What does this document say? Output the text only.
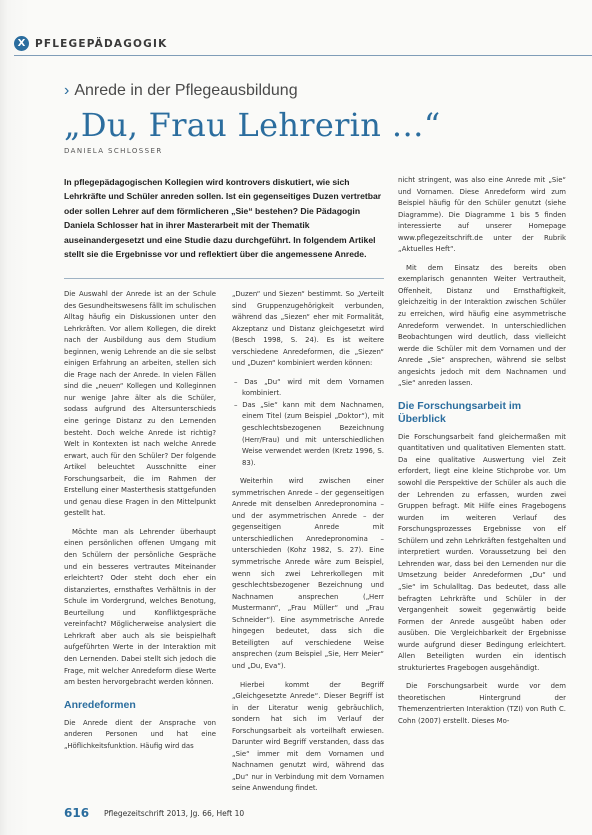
X PFLEGEPÄDAGOGIK
› Anrede in der Pflegeausbildung
„Du, Frau Lehrerin …“
DANIELA SCHLOSSER
In pflegepädagogischen Kollegien wird kontrovers diskutiert, wie sich Lehrkräfte und Schüler anreden sollen. Ist ein gegenseitiges Duzen vertretbar oder sollen Lehrer auf dem förmlicheren „Sie“ bestehen? Die Pädagogin Daniela Schlosser hat in ihrer Masterarbeit mit der Thematik auseinandergesetzt und eine Studie dazu durchgeführt. In folgendem Artikel stellt sie die Ergebnisse vor und reflektiert über die angemessene Anrede.

Die Auswahl der Anrede ist an der Schule des Gesundheitswesens fällt im schulischen Alltag häufig ein Diskussionen unter den Lehrkräften. Vor allem Kollegen, die direkt nach der Ausbildung aus dem Studium beginnen, wenig Lehrende an die sie selbst einigen Erfahrung an arbeiten, stellen sich die Frage nach der Anrede. In vielen Fällen sind die „neuen“ Kollegen und Kolleginnen nur wenige Jahre älter als die Schüler, sodass aufgrund des Altersunterschieds eine geringe Distanz zu den Lernenden besteht. Doch welche Anrede ist richtig? Welt in Kontexten ist nach welche Anrede erwart, auch für den Schüler? Der folgende Artikel beleuchtet Ausschnitte einer Forschungsarbeit, die im Rahmen der Erstellung einer Masterthesis stattgefunden und genau diese Fragen in den Mittelpunkt gestellt hat.

Möchte man als Lehrender überhaupt einen persönlichen offenen Umgang mit den Schülern der persönliche Gespräche und ein besseres vertrautes Miteinander erleichtert? Oder steht doch eher ein distanziertes, ernsthaftes Verhältnis in der Schule im Vordergrund, welches Benotung, Beurteilung und Konfliktgespräche vereinfacht? Möglicherweise analysiert die Lehrkraft aber auch als sie beispielhaft aufgeführten Werte in der Interaktion mit den Lernenden. Dabei stellt sich jedoch die Frage, mit welcher Anredeform diese Werte am besten hervorgebracht werden können.

Anredeformen

Die Anrede dient der Ansprache von anderen Personen und hat eine „Höflichkeitsfunktion. Häufig wird das

„Duzen“ und Siezen“ bestimmt. So „Verteilt sind Gruppenzugehörigkeit verbunden, während das „Siezen“ eher mit Formalität, Akzeptanz und Distanz gleichgesetzt wird (Besch 1998, S. 24). Es ist weitere verschiedene Anredeformen, die „Siezen“ und „Duzen“ kombiniert werden können:

– Das „Du“ wird mit dem Vornamen kombiniert.
– Das „Sie“ kann mit dem Nachnamen, einem Titel (zum Beispiel „Doktor“), mit geschlechtsbezogenen Bezeichnung (Herr/Frau) und mit unterschiedlichen Weise verwendet werden (Kretz 1996, S. 83).

Weiterhin wird zwischen einer symmetrischen Anrede – der gegenseitigen Anrede mit denselben Anredepronomina – und der asymmetrischen Anrede – der gegenseitigen Anrede mit unterschiedlichen Anredepronomina – unterschieden (Kohz 1982, S. 27). Eine symmetrische Anrede wäre zum Beispiel, wenn sich zwei Lehrerkollegen mit geschlechtsbezogener Bezeichnung und Nachnamen ansprechen („Herr Mustermann“, „Frau Müller“ und „Frau Schneider“). Eine asymmetrische Anrede hingegen bedeutet, dass sich die Beteiligten auf verschiedene Weise ansprechen (zum Beispiel „Sie, Herr Meier“ und „Du, Eva“).

Hierbei kommt der Begriff „Gleichgesetzte Anrede“. Dieser Begriff ist in der Literatur wenig gebräuchlich, sondern hat sich im Verlauf der Forschungsarbeit als vorteilhaft erwiesen. Darunter wird Begriff verstanden, dass das „Sie“ immer mit dem Vornamen und Nachnamen genutzt wird, während das „Du“ nur in Verbindung mit dem Vornamen seine Anwendung findet.

nicht stringent, was also eine Anrede mit „Sie“ und Vornamen. Diese Anredeform wird zum Beispiel häufig für den Schüler genutzt (siehe Diagramme). Die Diagramme 1 bis 5 finden interessierte auf unserer Homepage www.pflegezeitschrift.de unter der Rubrik „Aktuelles Heft“.

Mit dem Einsatz des bereits oben exemplarisch genannten Weiter Vertrautheit, Offenheit, Distanz und Ernsthaftigkeit, gleichzeitig in der Interaktion zwischen Schüler zu erreichen, wird häufig eine asymmetrische Anredeform verwendet. In unterschiedlichen Beobachtungen wird deutlich, dass vielleicht werde die Schüler mit dem Vornamen und der Anrede „Sie“ ansprechen, während sie selbst angesichts jedoch mit dem Nachnamen und „Sie“ anreden lassen.

Die Forschungsarbeit im Überblick

Die Forschungsarbeit fand gleichermaßen mit quantitativen und qualitativen Elementen statt. Da eine qualitative Auswertung viel Zeit erfordert, liegt eine kleine Stichprobe vor. Um sowohl die Perspektive der Schüler als auch die der Lehrenden zu erfassen, wurden zwei Gruppen befragt. Mit Hilfe eines Fragebogens wurden im weiteren Verlauf des Forschungsprozesses Ergebnisse von elf Schülern und zehn Lehrkräften festgehalten und interpretiert wurden. Voraussetzung bei den Lehrenden war, dass bei den Lernenden nur die Umsetzung beider Anredeformen „Du“ und „Sie“ im Schulalltag. Das bedeutet, dass alle befragten Lehrkräfte und Schüler in der Vergangenheit soweit gegenwärtig beide Formen der Anrede ausgeübt haben oder ausüben. Die Vergleichbarkeit der Ergebnisse wurde aufgrund dieser Bedingung erleichtert. Allen Beteiligten wurden ein identisch strukturiertes Fragebogen ausgehändigt.

Die Forschungsarbeit wurde vor dem theoretischen Hintergrund der Themenzentrierten Interaktion (TZI) von Ruth C. Cohn (2007) erstellt. Dieses Mo-

616 Pflegezeitschrift 2013, Jg. 66, Heft 10
